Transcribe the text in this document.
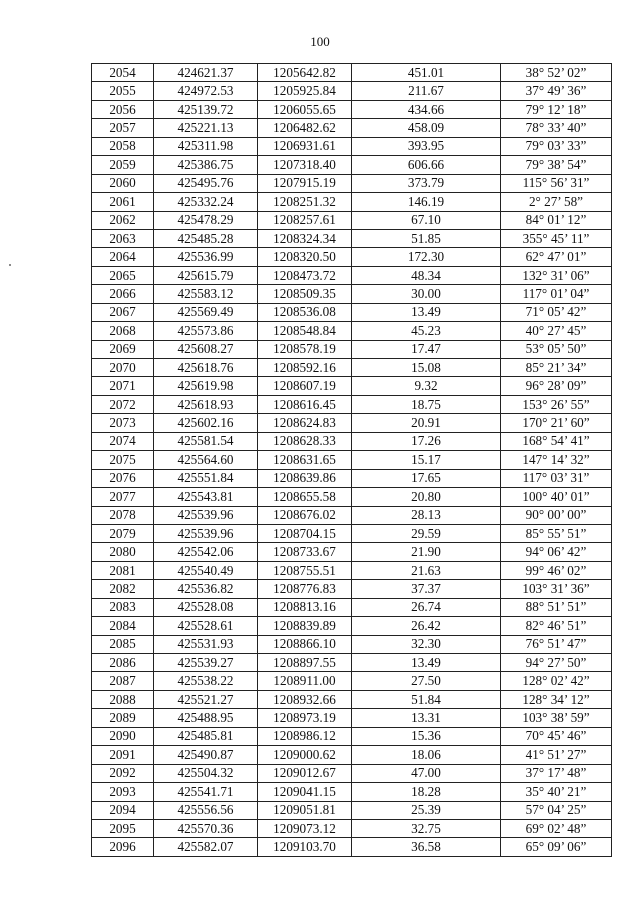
100
2054	424621.37	1205642.82	451.01	38° 52’ 02”
2055	424972.53	1205925.84	211.67	37° 49’ 36”
2056	425139.72	1206055.65	434.66	79° 12’ 18”
2057	425221.13	1206482.62	458.09	78° 33’ 40”
2058	425311.98	1206931.61	393.95	79° 03’ 33”
2059	425386.75	1207318.40	606.66	79° 38’ 54”
2060	425495.76	1207915.19	373.79	115° 56’ 31”
2061	425332.24	1208251.32	146.19	2° 27’ 58”
2062	425478.29	1208257.61	67.10	84° 01’ 12”
2063	425485.28	1208324.34	51.85	355° 45’ 11”
2064	425536.99	1208320.50	172.30	62° 47’ 01”
2065	425615.79	1208473.72	48.34	132° 31’ 06”
2066	425583.12	1208509.35	30.00	117° 01’ 04”
2067	425569.49	1208536.08	13.49	71° 05’ 42”
2068	425573.86	1208548.84	45.23	40° 27’ 45”
2069	425608.27	1208578.19	17.47	53° 05’ 50”
2070	425618.76	1208592.16	15.08	85° 21’ 34”
2071	425619.98	1208607.19	9.32	96° 28’ 09”
2072	425618.93	1208616.45	18.75	153° 26’ 55”
2073	425602.16	1208624.83	20.91	170° 21’ 60”
2074	425581.54	1208628.33	17.26	168° 54’ 41”
2075	425564.60	1208631.65	15.17	147° 14’ 32”
2076	425551.84	1208639.86	17.65	117° 03’ 31”
2077	425543.81	1208655.58	20.80	100° 40’ 01”
2078	425539.96	1208676.02	28.13	90° 00’ 00”
2079	425539.96	1208704.15	29.59	85° 55’ 51”
2080	425542.06	1208733.67	21.90	94° 06’ 42”
2081	425540.49	1208755.51	21.63	99° 46’ 02”
2082	425536.82	1208776.83	37.37	103° 31’ 36”
2083	425528.08	1208813.16	26.74	88° 51’ 51”
2084	425528.61	1208839.89	26.42	82° 46’ 51”
2085	425531.93	1208866.10	32.30	76° 51’ 47”
2086	425539.27	1208897.55	13.49	94° 27’ 50”
2087	425538.22	1208911.00	27.50	128° 02’ 42”
2088	425521.27	1208932.66	51.84	128° 34’ 12”
2089	425488.95	1208973.19	13.31	103° 38’ 59”
2090	425485.81	1208986.12	15.36	70° 45’ 46”
2091	425490.87	1209000.62	18.06	41° 51’ 27”
2092	425504.32	1209012.67	47.00	37° 17’ 48”
2093	425541.71	1209041.15	18.28	35° 40’ 21”
2094	425556.56	1209051.81	25.39	57° 04’ 25”
2095	425570.36	1209073.12	32.75	69° 02’ 48”
2096	425582.07	1209103.70	36.58	65° 09’ 06”
